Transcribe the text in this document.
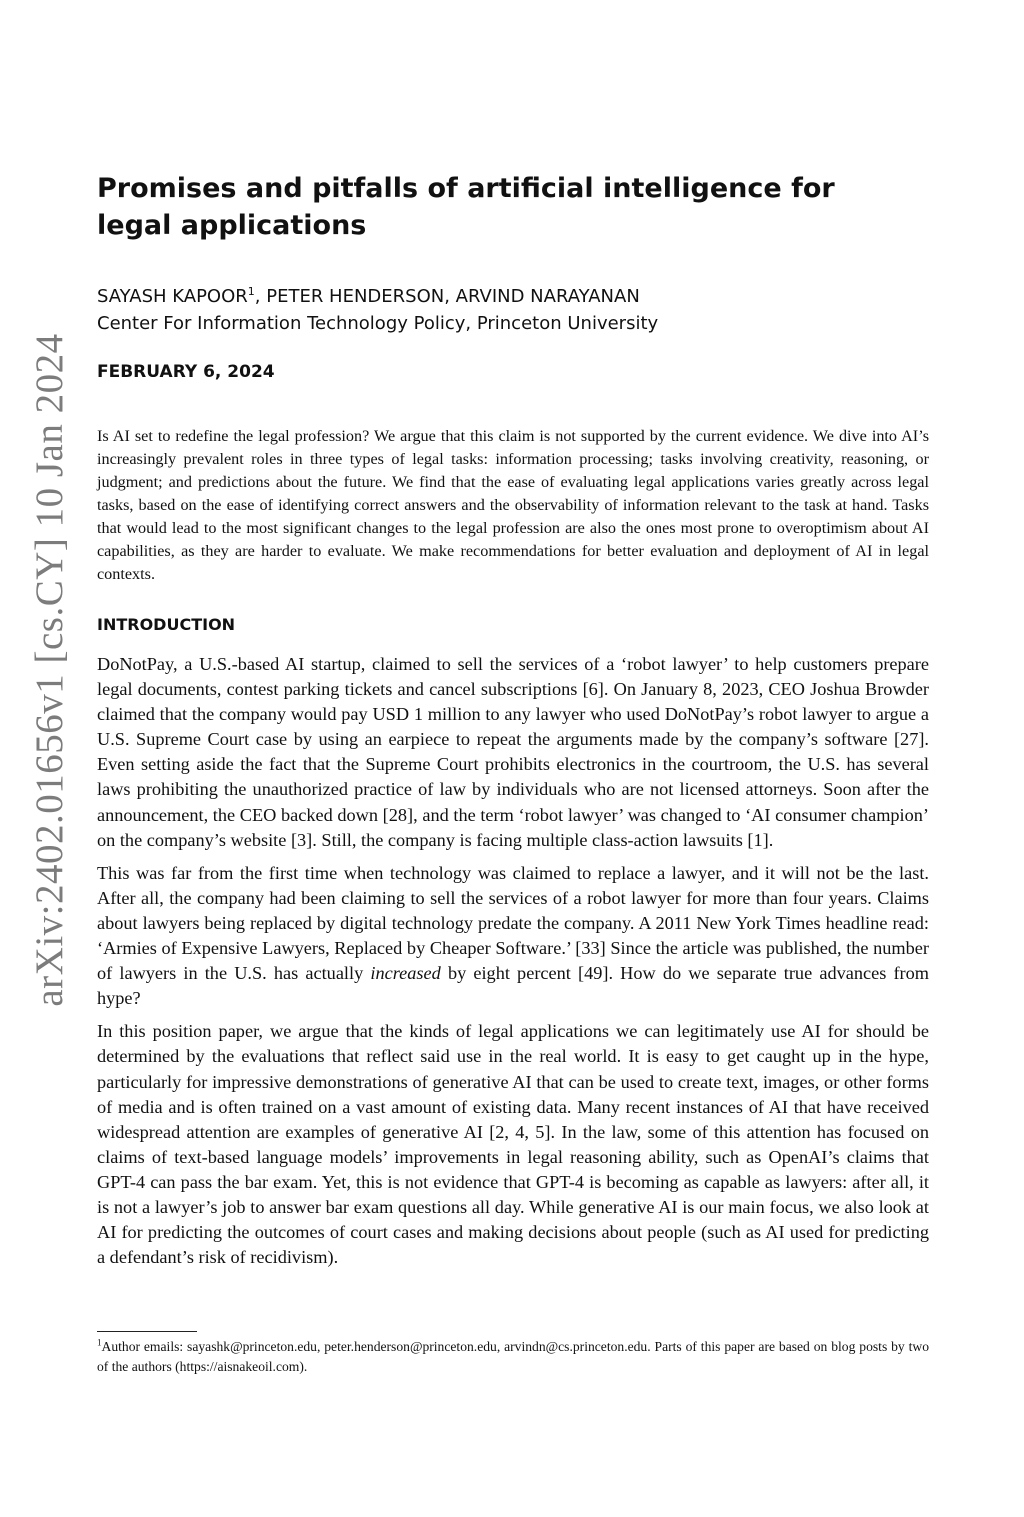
arXiv:2402.01656v1 [cs.CY] 10 Jan 2024
Promises and pitfalls of artificial intelligence for legal applications
SAYASH KAPOOR$^1$, PETER HENDERSON, ARVIND NARAYANAN
Center For Information Technology Policy, Princeton University
FEBRUARY 6, 2024

Is AI set to redefine the legal profession? We argue that this claim is not supported by the current evidence. We dive into AI’s increasingly prevalent roles in three types of legal tasks: information processing; tasks involving creativity, reasoning, or judgment; and predictions about the future. We find that the ease of evaluating legal applications varies greatly across legal tasks, based on the ease of identifying correct answers and the observability of information relevant to the task at hand. Tasks that would lead to the most significant changes to the legal profession are also the ones most prone to overoptimism about AI capabilities, as they are harder to evaluate. We make recommendations for better evaluation and deployment of AI in legal contexts.

INTRODUCTION

DoNotPay, a U.S.-based AI startup, claimed to sell the services of a ‘robot lawyer’ to help customers prepare legal documents, contest parking tickets and cancel subscriptions [6]. On January 8, 2023, CEO Joshua Browder claimed that the company would pay USD 1 million to any lawyer who used DoNotPay’s robot lawyer to argue a U.S. Supreme Court case by using an earpiece to repeat the arguments made by the company’s software [27]. Even setting aside the fact that the Supreme Court prohibits electronics in the courtroom, the U.S. has several laws prohibiting the unauthorized practice of law by individuals who are not licensed attorneys. Soon after the announcement, the CEO backed down [28], and the term ‘robot lawyer’ was changed to ‘AI consumer champion’ on the company’s website [3]. Still, the company is facing multiple class-action lawsuits [1].

This was far from the first time when technology was claimed to replace a lawyer, and it will not be the last. After all, the company had been claiming to sell the services of a robot lawyer for more than four years. Claims about lawyers being replaced by digital technology predate the company. A 2011 New York Times headline read: ‘Armies of Expensive Lawyers, Replaced by Cheaper Software.’ [33] Since the article was published, the number of lawyers in the U.S. has actually increased by eight percent [49]. How do we separate true advances from hype?

In this position paper, we argue that the kinds of legal applications we can legitimately use AI for should be determined by the evaluations that reflect said use in the real world. It is easy to get caught up in the hype, particularly for impressive demonstrations of generative AI that can be used to create text, images, or other forms of media and is often trained on a vast amount of existing data. Many recent instances of AI that have received widespread attention are examples of generative AI [2, 4, 5]. In the law, some of this attention has focused on claims of text-based language models’ improvements in legal reasoning ability, such as OpenAI’s claims that GPT-4 can pass the bar exam. Yet, this is not evidence that GPT-4 is becoming as capable as lawyers: after all, it is not a lawyer’s job to answer bar exam questions all day. While generative AI is our main focus, we also look at AI for predicting the outcomes of court cases and making decisions about people (such as AI used for predicting a defendant’s risk of recidivism).

$^1$Author emails: sayashk@princeton.edu, peter.henderson@princeton.edu, arvindn@cs.princeton.edu. Parts of this paper are based on blog posts by two of the authors (https://aisnakeoil.com).
